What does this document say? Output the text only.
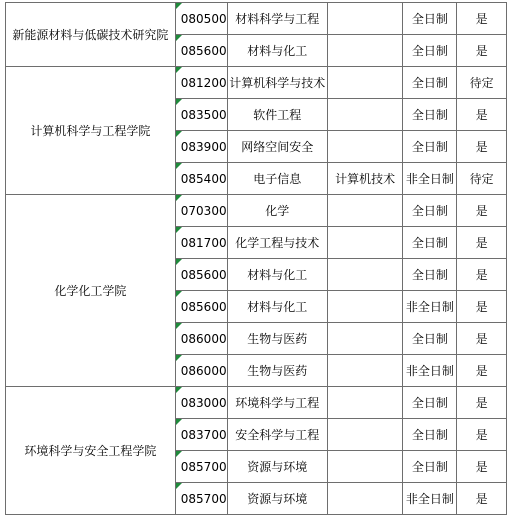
新能源材料与低碳技术研究院	080500	材料科学与工程		全日制	是
	085600	材料与化工		全日制	是
计算机科学与工程学院	081200	计算机科学与技术		全日制	待定
	083500	软件工程		全日制	是
	083900	网络空间安全		全日制	是
	085400	电子信息	计算机技术	非全日制	待定
化学化工学院	070300	化学		全日制	是
	081700	化学工程与技术		全日制	是
	085600	材料与化工		全日制	是
	085600	材料与化工		非全日制	是
	086000	生物与医药		全日制	是
	086000	生物与医药		非全日制	是
环境科学与安全工程学院	083000	环境科学与工程		全日制	是
	083700	安全科学与工程		全日制	是
	085700	资源与环境		全日制	是
	085700	资源与环境		非全日制	是
